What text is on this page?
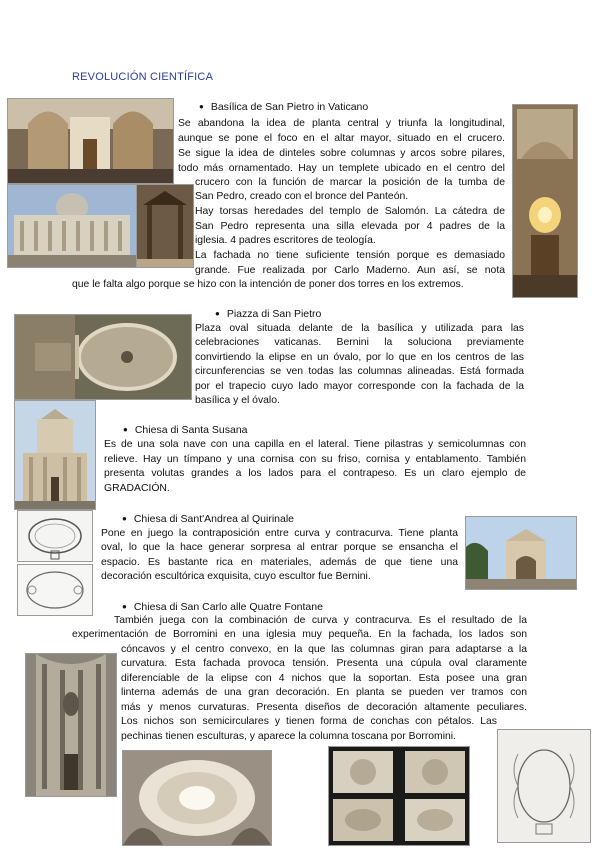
REVOLUCIÓN CIENTÍFICA
● Basílica de San Pietro in Vaticano
Se abandona la idea de planta central y triunfa la longitudinal,
aunque se pone el foco en el altar mayor, situado en el crucero.
Se sigue la idea de dinteles sobre columnas y arcos sobre pilares,
todo más ornamentado. Hay un templete ubicado en el centro del
crucero con la función de marcar la posición de la tumba de
San Pedro, creado con el bronce del Panteón.
Hay torsas heredades del templo de Salomón. La cátedra de
San Pedro representa una silla elevada por 4 padres de la
iglesia. 4 padres escritores de teología.
La fachada no tiene suficiente tensión porque es demasiado
grande. Fue realizada por Carlo Maderno. Aun así, se nota
que le falta algo porque se hizo con la intención de poner dos torres en los extremos.
● Piazza di San Pietro
Plaza oval situada delante de la basílica y utilizada para las
celebraciones vaticanas. Bernini la soluciona previamente
convirtiendo la elipse en un óvalo, por lo que en los centros de las
circunferencias se ven todas las columnas alineadas. Está formada
por el trapecio cuyo lado mayor corresponde con la fachada de la
basílica y el óvalo.
● Chiesa di Santa Susana
Es de una sola nave con una capilla en el lateral. Tiene pilastras y semicolumnas con
relieve. Hay un tímpano y una cornisa con su friso, cornisa y entablamento. También
presenta volutas grandes a los lados para el contrapeso. Es un claro ejemplo de
GRADACIÓN.
● Chiesa di Sant'Andrea al Quirinale
Pone en juego la contraposición entre curva y contracurva. Tiene planta
oval, lo que la hace generar sorpresa al entrar porque se ensancha el
espacio. Es bastante rica en materiales, además de que tiene una
decoración escultórica exquisita, cuyo escultor fue Bernini.
● Chiesa di San Carlo alle Quatre Fontane
También juega con la combinación de curva y contracurva. Es el resultado de la
experimentación de Borromini en una iglesia muy pequeña. En la fachada, los lados son
cóncavos y el centro convexo, en la que las columnas giran para adaptarse a la
curvatura. Esta fachada provoca tensión. Presenta una cúpula oval claramente
diferenciable de la elipse con 4 nichos que la soportan. Esta posee una gran
linterna además de una gran decoración. En planta se pueden ver tramos con
más y menos curvaturas. Presenta diseños de decoración altamente peculiares.
Los nichos son semicirculares y tienen forma de conchas con pétalos. Las
pechinas tienen esculturas, y aparece la columna toscana por Borromini.
